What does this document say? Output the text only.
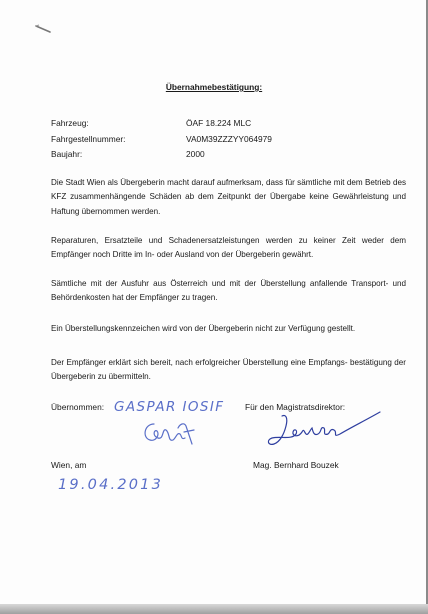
Übernahmebestätigung:
Fahrzeug:	ÖAF 18.224 MLC
Fahrgestellnummer:	VA0M39ZZZYY064979
Baujahr:	2000
Die Stadt Wien als Übergeberin macht darauf aufmerksam, dass für sämtliche mit dem Betrieb des KFZ zusammenhängende Schäden ab dem Zeitpunkt der Übergabe keine Gewährleistung und Haftung übernommen werden.
Reparaturen, Ersatzteile und Schadenersatzleistungen werden zu keiner Zeit weder dem Empfänger noch Dritte im In- oder Ausland von der Übergeberin gewährt.
Sämtliche mit der Ausfuhr aus Österreich und mit der Überstellung anfallende Transport- und Behördenkosten hat der Empfänger zu tragen.
Ein Überstellungskennzeichen wird von der Übergeberin nicht zur Verfügung gestellt.
Der Empfänger erklärt sich bereit, nach erfolgreicher Überstellung eine Empfangs- bestätigung der Übergeberin zu übermitteln.
Übernommen:	Für den Magistratsdirektor:
GASPAR IOSIF
Wien, am	Mag. Bernhard Bouzek
19.04.2013
